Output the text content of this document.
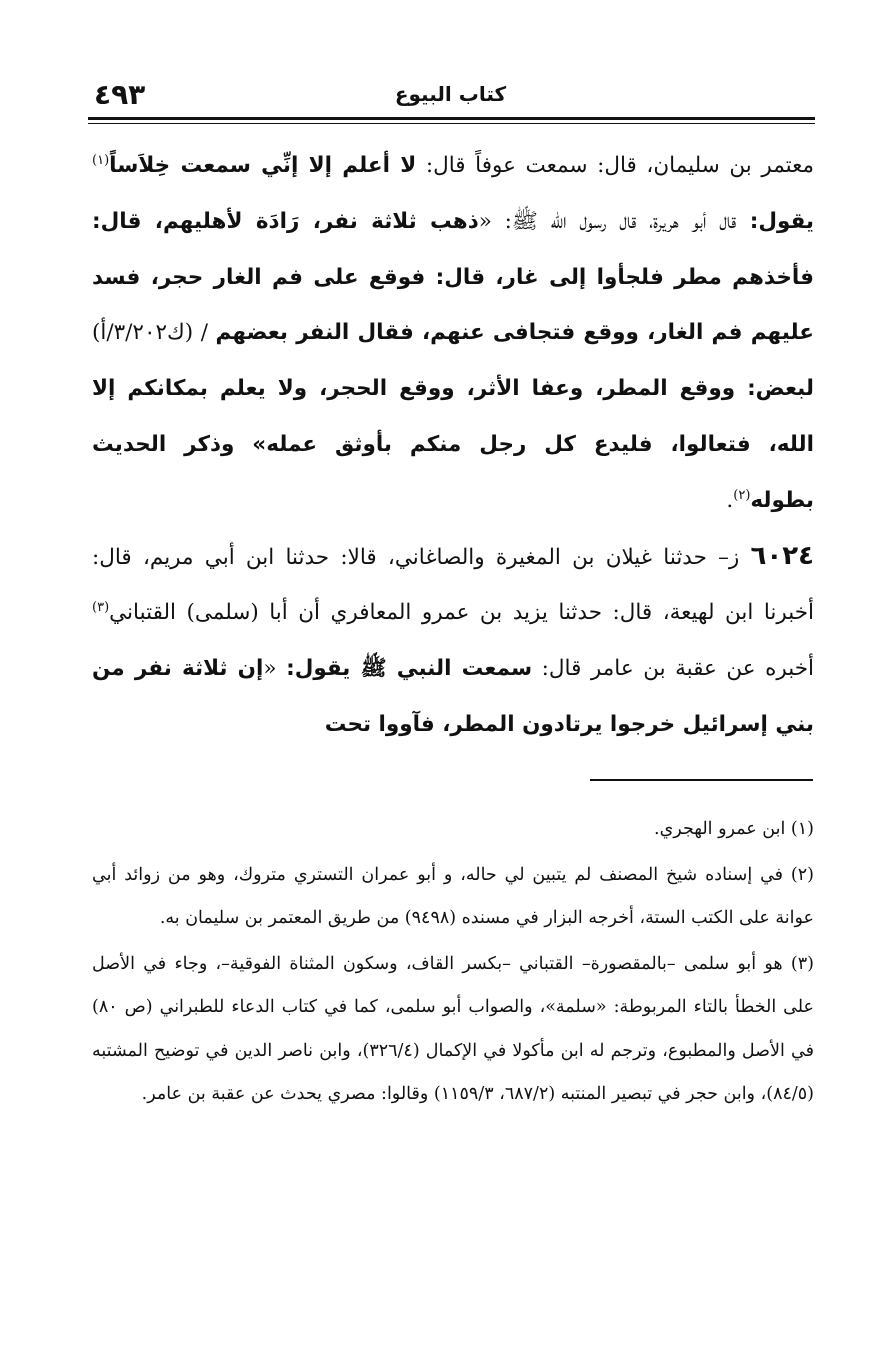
٤٩٣	كتاب البيوع

معتمر بن سليمان، قال: سمعت عوفاً قال: لا أعلم إلا إنِّي سمعت خِلاَساً$^{(١)}$ يقول: قال أبو هريرة، قال رسول الله ﷺ: «ذهب ثلاثة نفر، رَادَة لأهليهم، قال: فأخذهم مطر فلجأوا إلى غار، قال: فوقع على فم الغار حجر، فسد عليهم فم الغار، ووقع فتجافى عنهم، فقال النفر بعضهم / (ك٣/٢٠٢/أ) لبعض: ووقع المطر، وعفا الأثر، ووقع الحجر، ولا يعلم بمكانكم إلا الله، فتعالوا، فليدع كل رجل منكم بأوثق عمله» وذكر الحديث بطوله$^{(٢)}$.

٦٠٢٤ ز– حدثنا غيلان بن المغيرة والصاغاني، قالا: حدثنا ابن أبي مريم، قال: أخبرنا ابن لهيعة، قال: حدثنا يزيد بن عمرو المعافري أن أبا (سلمى) القتباني$^{(٣)}$ أخبره عن عقبة بن عامر قال: سمعت النبي ﷺ يقول: «إن ثلاثة نفر من بني إسرائيل خرجوا يرتادون المطر، فآووا تحت

(١) ابن عمرو الهجري.

(٢) في إسناده شيخ المصنف لم يتبين لي حاله، و أبو عمران التستري متروك، وهو من زوائد أبي عوانة على الكتب الستة، أخرجه البزار في مسنده (٩٤٩٨) من طريق المعتمر بن سليمان به.

(٣) هو أبو سلمى –بالمقصورة– القتباني –بكسر القاف، وسكون المثناة الفوقية–، وجاء في الأصل على الخطأ بالتاء المربوطة: «سلمة»، والصواب أبو سلمى، كما في كتاب الدعاء للطبراني (ص ٨٠) في الأصل والمطبوع، وترجم له ابن مأكولا في الإكمال (٣٢٦/٤)، وابن ناصر الدين في توضيح المشتبه (٨٤/٥)، وابن حجر في تبصير المنتبه (٦٨٧/٢، ١١٥٩/٣) وقالوا: مصري يحدث عن عقبة بن عامر.
